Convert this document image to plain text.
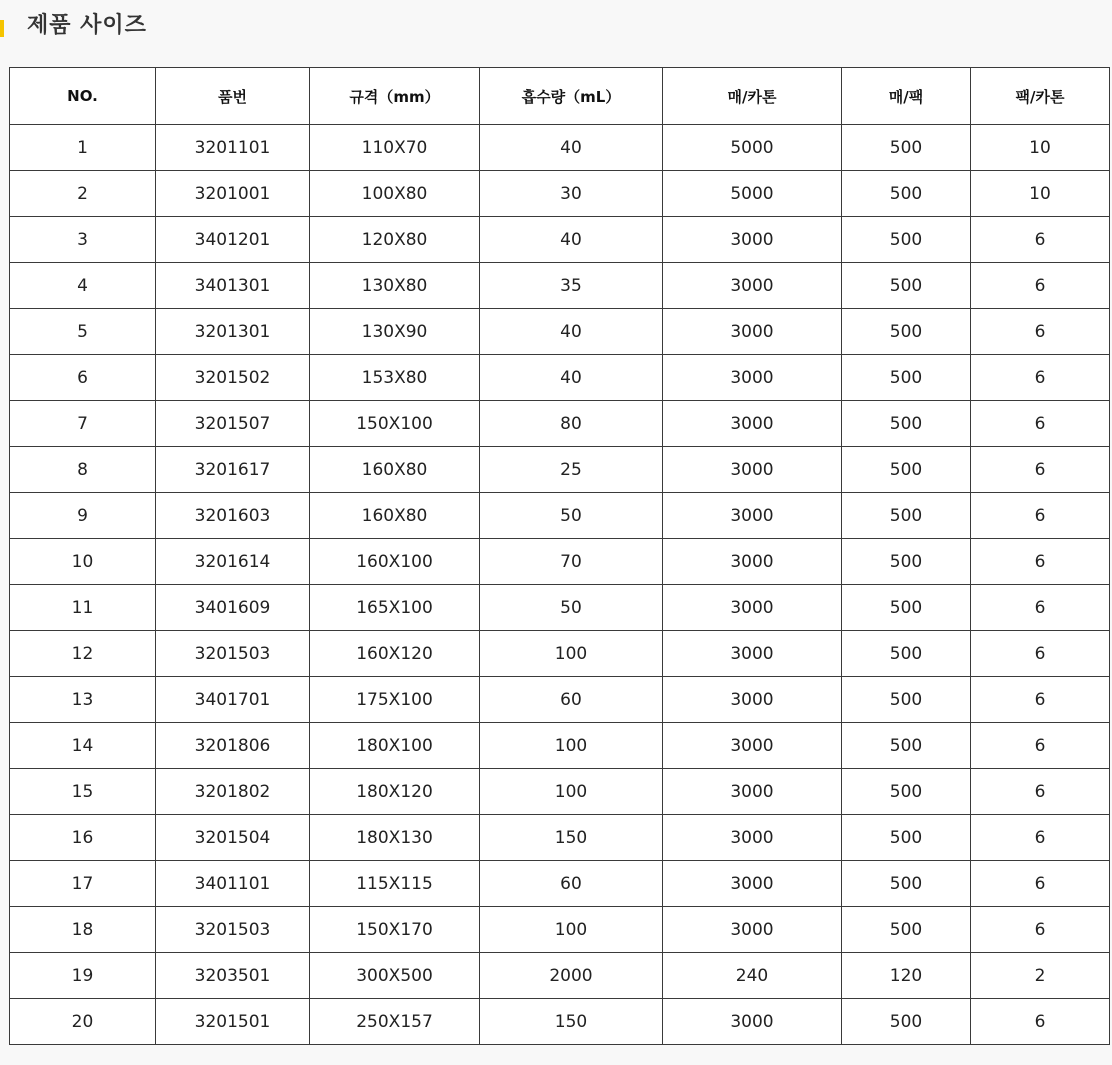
제품 사이즈
NO.	품번	규격（mm）	흡수량（mL）	매/카톤	매/팩	팩/카톤
1	3201101	110X70	40	5000	500	10
2	3201001	100X80	30	5000	500	10
3	3401201	120X80	40	3000	500	6
4	3401301	130X80	35	3000	500	6
5	3201301	130X90	40	3000	500	6
6	3201502	153X80	40	3000	500	6
7	3201507	150X100	80	3000	500	6
8	3201617	160X80	25	3000	500	6
9	3201603	160X80	50	3000	500	6
10	3201614	160X100	70	3000	500	6
11	3401609	165X100	50	3000	500	6
12	3201503	160X120	100	3000	500	6
13	3401701	175X100	60	3000	500	6
14	3201806	180X100	100	3000	500	6
15	3201802	180X120	100	3000	500	6
16	3201504	180X130	150	3000	500	6
17	3401101	115X115	60	3000	500	6
18	3201503	150X170	100	3000	500	6
19	3203501	300X500	2000	240	120	2
20	3201501	250X157	150	3000	500	6
